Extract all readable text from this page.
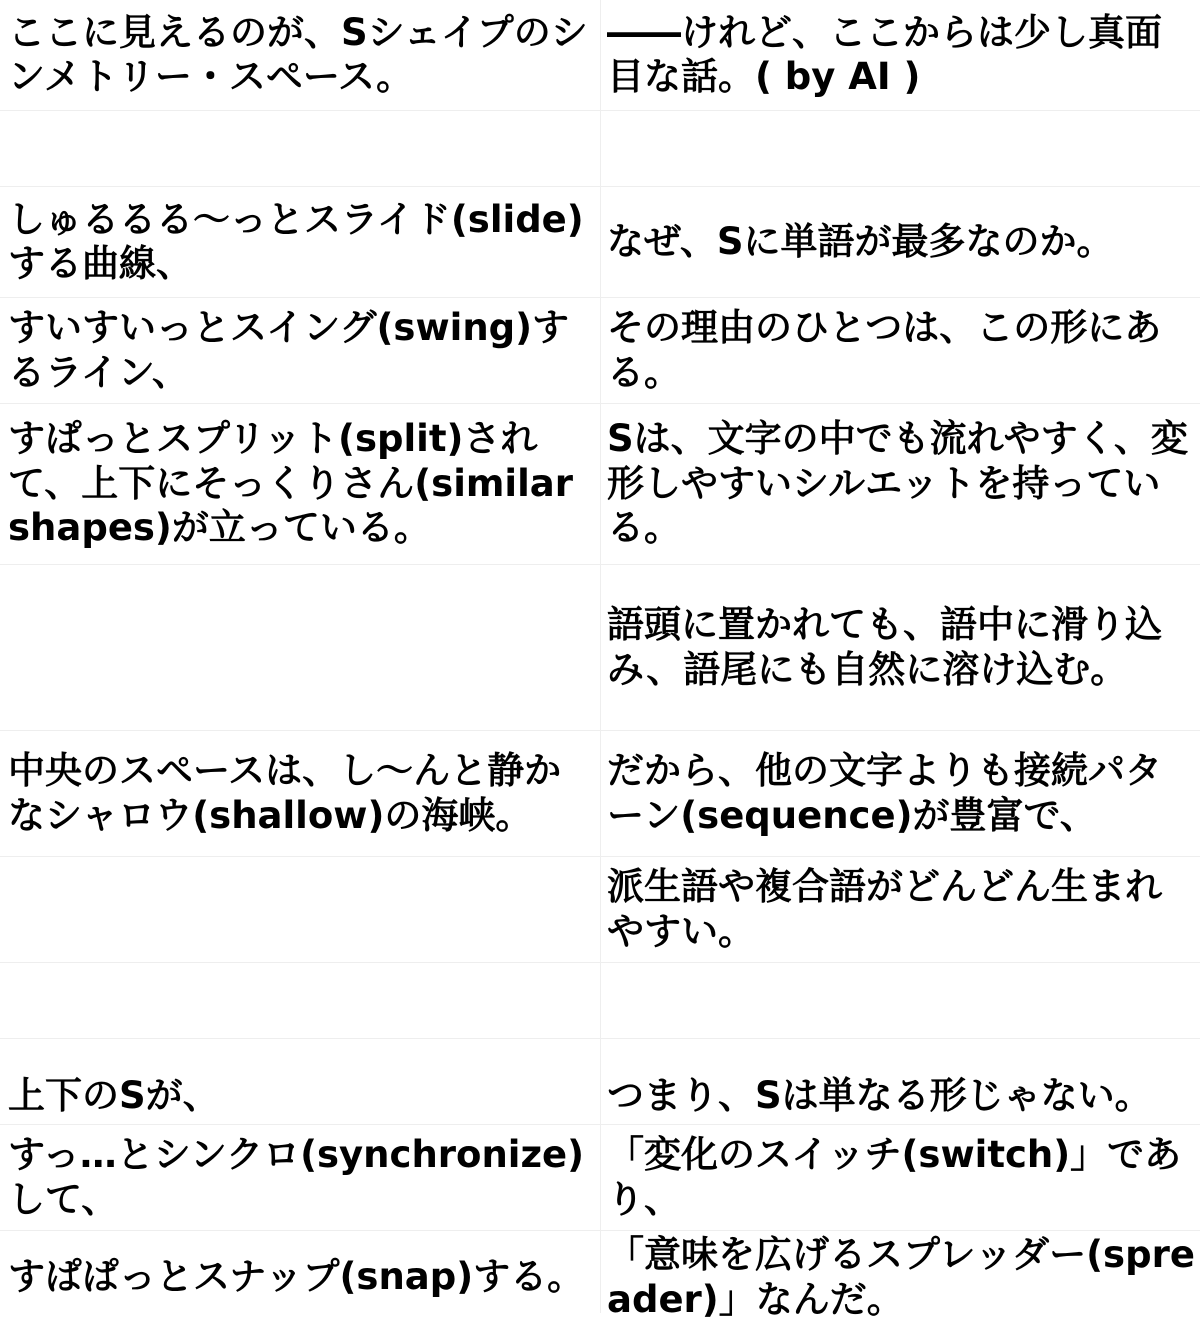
ここに見えるのが、Sシェイプのシンメトリー・スペース。
――けれど、ここからは少し真面目な話。( by AI )
しゅるるる〜っとスライド(slide)する曲線、
なぜ、Sに単語が最多なのか。
すいすいっとスイング(swing)するライン、
その理由のひとつは、この形にある。
すぱっとスプリット(split)されて、上下にそっくりさん(similar shapes)が立っている。
Sは、文字の中でも流れやすく、変形しやすいシルエットを持っている。
語頭に置かれても、語中に滑り込み、語尾にも自然に溶け込む。
中央のスペースは、し〜んと静かなシャロウ(shallow)の海峡。
だから、他の文字よりも接続パターン(sequence)が豊富で、
派生語や複合語がどんどん生まれやすい。
上下のSが、	つまり、Sは単なる形じゃない。
すっ…とシンクロ(synchronize)して、
「変化のスイッチ(switch)」であり、
すぱぱっとスナップ(snap)する。
「意味を広げるスプレッダー(spreader)」なんだ。
